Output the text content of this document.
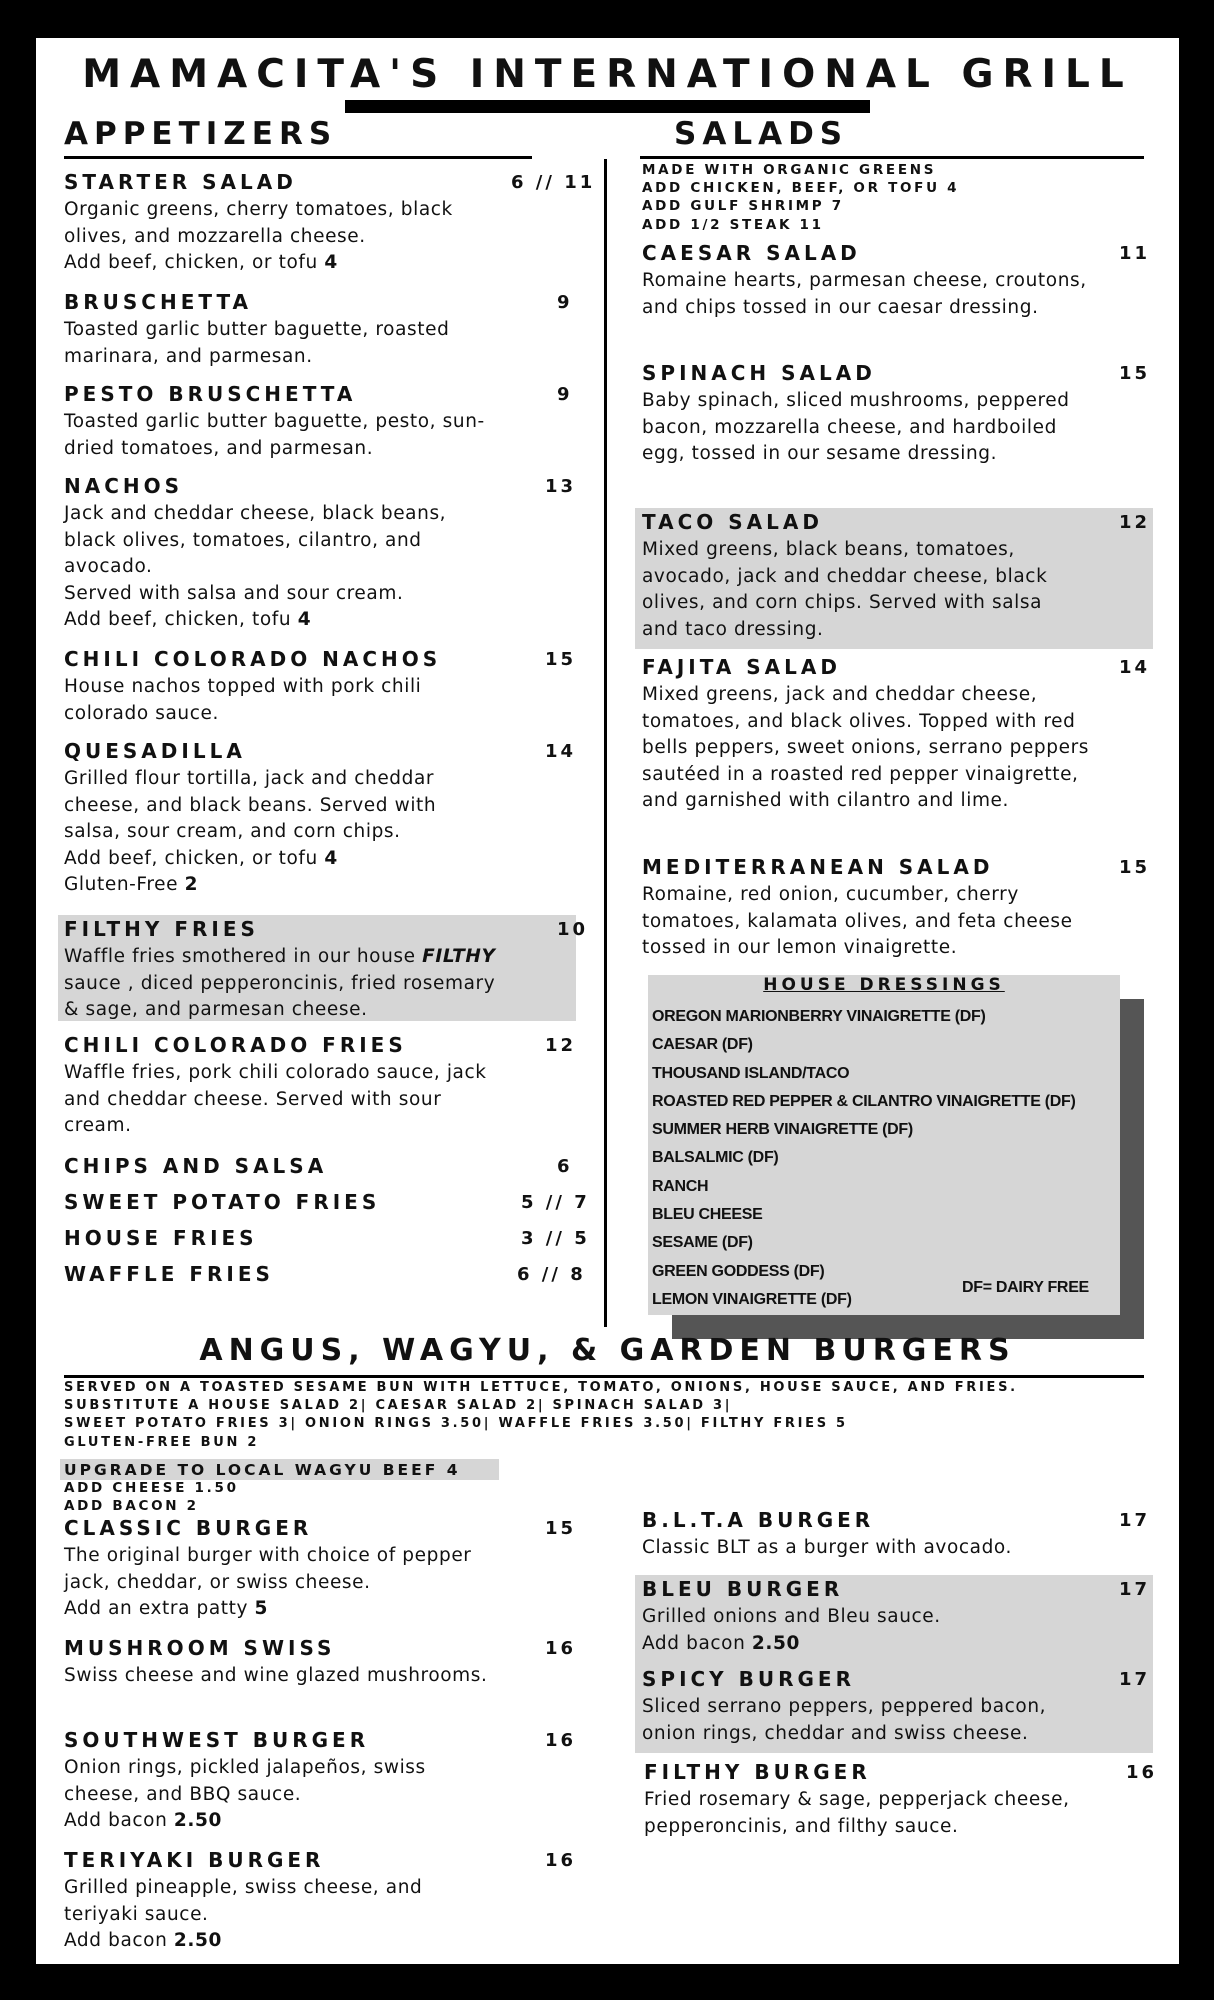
MAMACITA'S INTERNATIONAL GRILL
APPETIZERS
STARTER SALAD	6 // 11
Organic greens, cherry tomatoes, black olives, and mozzarella cheese.
Add beef, chicken, or tofu 4
BRUSCHETTA	9
Toasted garlic butter baguette, roasted marinara, and parmesan.
PESTO BRUSCHETTA	9
Toasted garlic butter baguette, pesto, sun-dried tomatoes, and parmesan.
NACHOS	13
Jack and cheddar cheese, black beans, black olives, tomatoes, cilantro, and avocado.
Served with salsa and sour cream.
Add beef, chicken, tofu 4
CHILI COLORADO NACHOS	15
House nachos topped with pork chili colorado sauce.
QUESADILLA	14
Grilled flour tortilla, jack and cheddar cheese, and black beans. Served with salsa, sour cream, and corn chips.
Add beef, chicken, or tofu 4
Gluten-Free 2
FILTHY FRIES	10
Waffle fries smothered in our house FILTHY sauce , diced pepperoncinis, fried rosemary & sage, and parmesan cheese.
CHILI COLORADO FRIES	12
Waffle fries, pork chili colorado sauce, jack and cheddar cheese. Served with sour cream.
CHIPS AND SALSA	6
SWEET POTATO FRIES	5 // 7
HOUSE FRIES	3 // 5
WAFFLE FRIES	6 // 8
SALADS
MADE WITH ORGANIC GREENS
ADD CHICKEN, BEEF, OR TOFU 4
ADD GULF SHRIMP 7
ADD 1/2 STEAK 11
CAESAR SALAD	11
Romaine hearts, parmesan cheese, croutons, and chips tossed in our caesar dressing.
SPINACH SALAD	15
Baby spinach, sliced mushrooms, peppered bacon, mozzarella cheese, and hardboiled egg, tossed in our sesame dressing.
TACO SALAD	12
Mixed greens, black beans, tomatoes, avocado, jack and cheddar cheese, black olives, and corn chips. Served with salsa and taco dressing.
FAJITA SALAD	14
Mixed greens, jack and cheddar cheese, tomatoes, and black olives. Topped with red bells peppers, sweet onions, serrano peppers sautéed in a roasted red pepper vinaigrette, and garnished with cilantro and lime.
MEDITERRANEAN SALAD	15
Romaine, red onion, cucumber, cherry tomatoes, kalamata olives, and feta cheese tossed in our lemon vinaigrette.
HOUSE DRESSINGS
OREGON MARIONBERRY VINAIGRETTE (DF)
CAESAR (DF)
THOUSAND ISLAND/TACO
ROASTED RED PEPPER & CILANTRO VINAIGRETTE (DF)
SUMMER HERB VINAIGRETTE (DF)
BALSALMIC (DF)
RANCH
BLEU CHEESE
SESAME (DF)
GREEN GODDESS (DF)
LEMON VINAIGRETTE (DF)
DF= DAIRY FREE
ANGUS, WAGYU, & GARDEN BURGERS
SERVED ON A TOASTED SESAME BUN WITH LETTUCE, TOMATO, ONIONS, HOUSE SAUCE, AND FRIES.
SUBSTITUTE A HOUSE SALAD 2| CAESAR SALAD 2| SPINACH SALAD 3|
SWEET POTATO FRIES 3| ONION RINGS 3.50| WAFFLE FRIES 3.50| FILTHY FRIES 5
GLUTEN-FREE BUN 2
UPGRADE TO LOCAL WAGYU BEEF 4
ADD CHEESE 1.50
ADD BACON 2
CLASSIC BURGER	15
The original burger with choice of pepper jack, cheddar, or swiss cheese.
Add an extra patty 5
MUSHROOM SWISS	16
Swiss cheese and wine glazed mushrooms.
SOUTHWEST BURGER	16
Onion rings, pickled jalapeños, swiss cheese, and BBQ sauce.
Add bacon 2.50
TERIYAKI BURGER	16
Grilled pineapple, swiss cheese, and teriyaki sauce.
Add bacon 2.50
B.L.T.A BURGER	17
Classic BLT as a burger with avocado.
BLEU BURGER	17
Grilled onions and Bleu sauce.
Add bacon 2.50
SPICY BURGER	17
Sliced serrano peppers, peppered bacon, onion rings, cheddar and swiss cheese.
FILTHY BURGER	16
Fried rosemary & sage, pepperjack cheese, pepperoncinis, and filthy sauce.
